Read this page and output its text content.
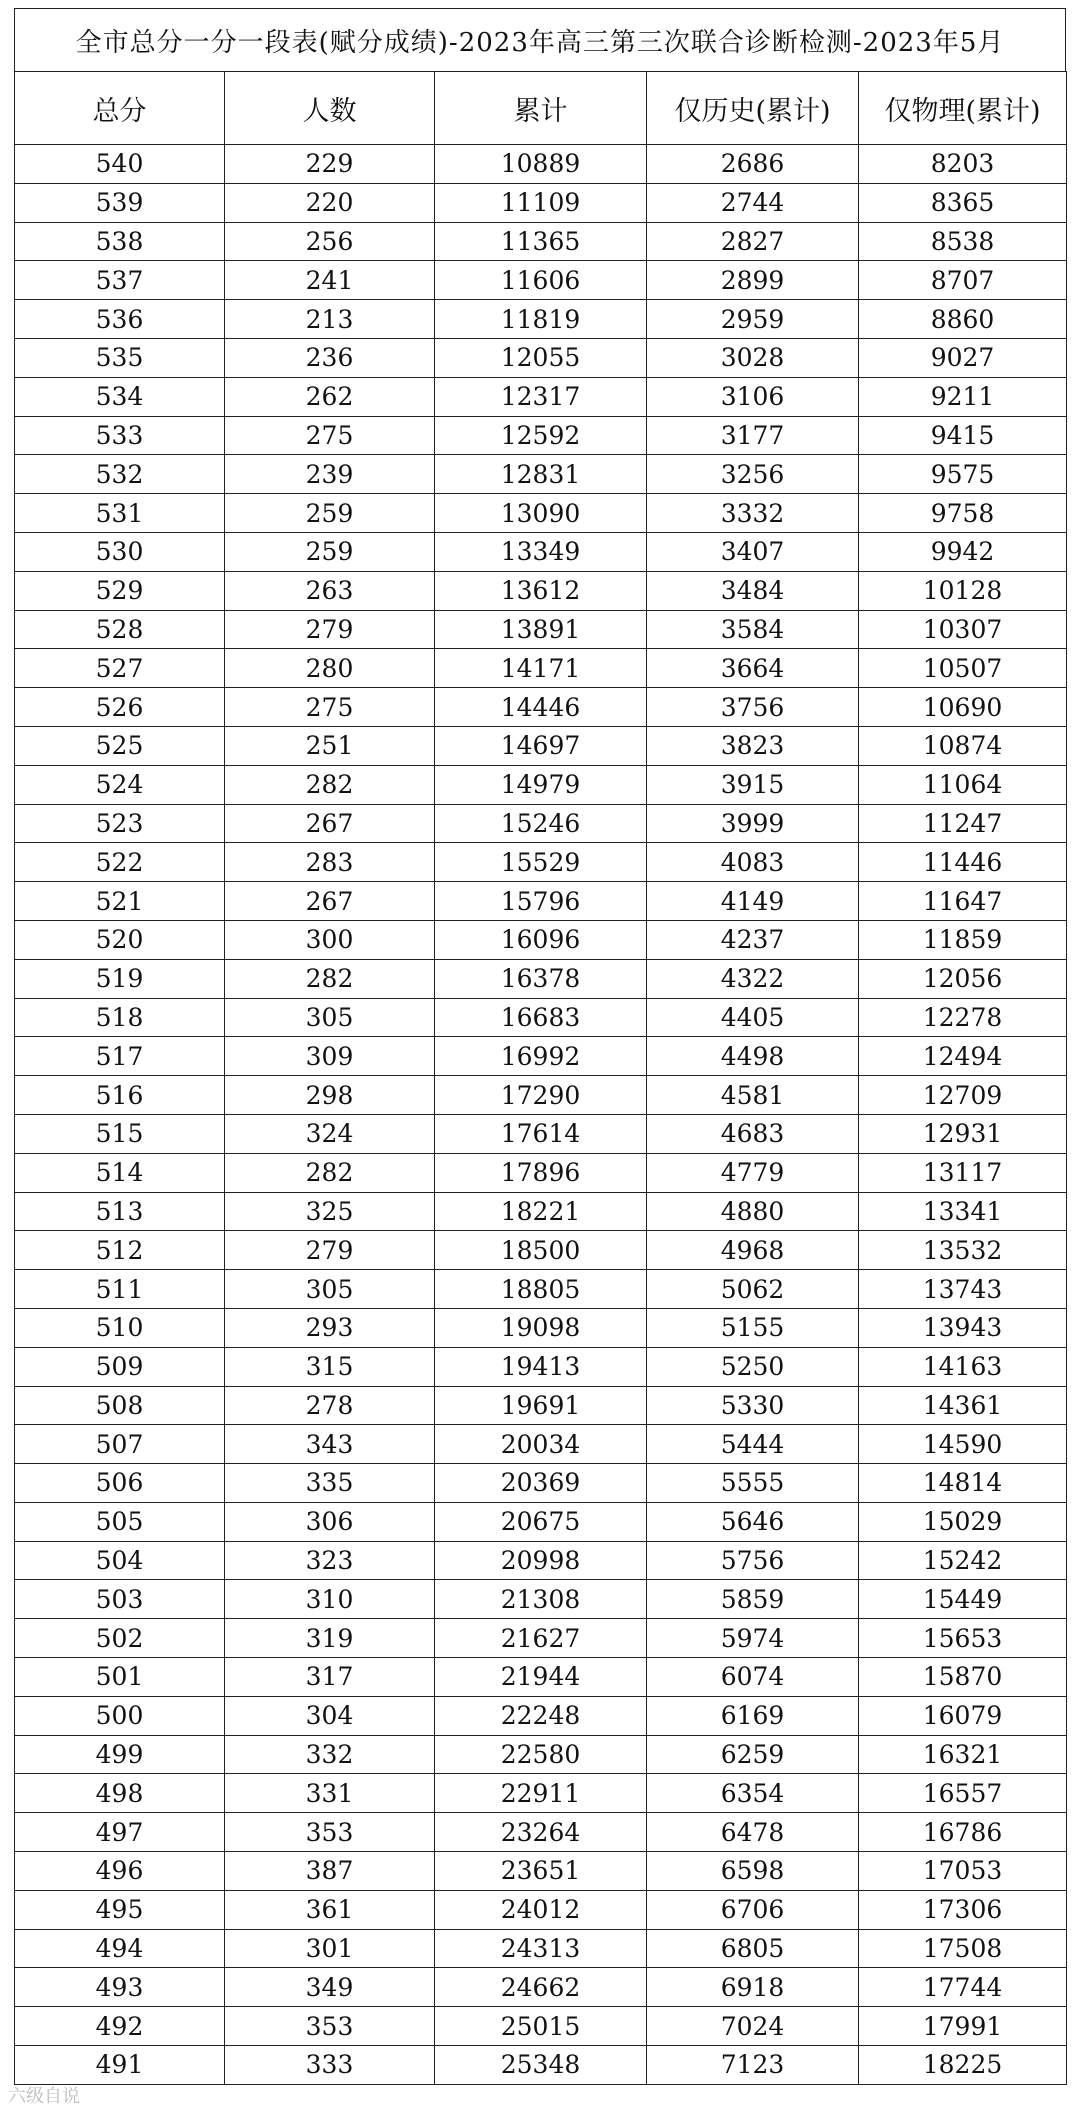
全市总分一分一段表(赋分成绩)-2023年高三第三次联合诊断检测-2023年5月
总分	人数	累计	仅历史(累计)	仅物理(累计)
540	229	10889	2686	8203
539	220	11109	2744	8365
538	256	11365	2827	8538
537	241	11606	2899	8707
536	213	11819	2959	8860
535	236	12055	3028	9027
534	262	12317	3106	9211
533	275	12592	3177	9415
532	239	12831	3256	9575
531	259	13090	3332	9758
530	259	13349	3407	9942
529	263	13612	3484	10128
528	279	13891	3584	10307
527	280	14171	3664	10507
526	275	14446	3756	10690
525	251	14697	3823	10874
524	282	14979	3915	11064
523	267	15246	3999	11247
522	283	15529	4083	11446
521	267	15796	4149	11647
520	300	16096	4237	11859
519	282	16378	4322	12056
518	305	16683	4405	12278
517	309	16992	4498	12494
516	298	17290	4581	12709
515	324	17614	4683	12931
514	282	17896	4779	13117
513	325	18221	4880	13341
512	279	18500	4968	13532
511	305	18805	5062	13743
510	293	19098	5155	13943
509	315	19413	5250	14163
508	278	19691	5330	14361
507	343	20034	5444	14590
506	335	20369	5555	14814
505	306	20675	5646	15029
504	323	20998	5756	15242
503	310	21308	5859	15449
502	319	21627	5974	15653
501	317	21944	6074	15870
500	304	22248	6169	16079
499	332	22580	6259	16321
498	331	22911	6354	16557
497	353	23264	6478	16786
496	387	23651	6598	17053
495	361	24012	6706	17306
494	301	24313	6805	17508
493	349	24662	6918	17744
492	353	25015	7024	17991
491	333	25348	7123	18225
六级自说
